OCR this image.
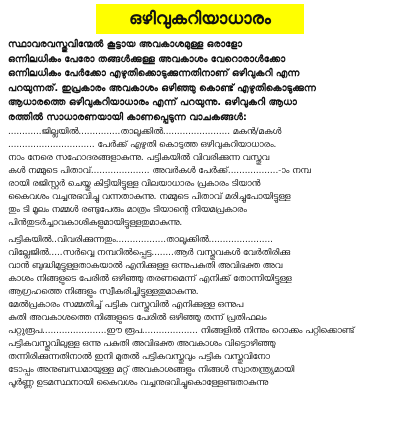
ഒഴിവുകറിയാധാരം
സ്ഥാവരവസ്തുവിന്മേൽ കൂട്ടായ അവകാശമുള്ള ഒരാളോ
ഒന്നിലധികം പേരോ തങ്ങൾക്കുള്ള അവകാശം വേറൊരാൾക്കോ
ഒന്നിലധികം പേർക്കോ എഴുതിക്കൊടുക്കുന്നതിനാണ് ഒഴിവുകറി എന്ന
പറയുന്നത്. ഇപ്രകാരം അവകാശം ഒഴിഞ്ഞു കൊണ്ട് എഴുതികൊടുക്കുന്ന
ആധാരത്തെ ഒഴിവുകറിയാധാരം എന്ന് പറയുന്നു. ഒഴിവുകറി ആധാ
രത്തിൽ സാധാരണയായി കാണപ്പെടുന്ന വാചകങ്ങൾ:
............ജില്ലയിൽ...............താലൂക്കിൽ........................ മകൻ/മകൾ
............................... പേർക്ക് എഴുതി കൊടുത്ത ഒഴിവുകറിയാധാരം.
നാം നേരെ സഹോദരങ്ങളാകുന്നു. പട്ടികയിൽ വിവരിക്കുന്ന വസ്തുവ
കൾ നമ്മുടെ പിതാവ്..................... അവർകൾ പേർക്ക്..................-ാം നമ്പ
രായി രജിസ്റ്റർ ചെയ്തു കിട്ടിയിട്ടുള്ള വിലയാധാരം പ്രകാരം ടിയാൻ
കൈവശം വച്ചനുഭവിച്ചു വന്നതാകുന്നു. നമ്മുടെ പിതാവ് മരിച്ചുപോയിട്ടുള്ള
തും ടി മൂലം നമ്മൾ രണ്ടുപേരും മാത്രം ടിയാന്റെ നിയമപ്രകാരം
പിൻതുടർച്ചാവകാശികളുമായിട്ടുള്ളതുമാകുന്നു.
പട്ടികയിൽ..വിവരിക്കുന്നതും..................താലൂക്കിൽ.......................
വില്ലേജിൽ.....സർവ്വെ നമ്പറിൽപ്പെട്ട........ആർ വസ്തുവകൾ വേർതിരിക്കു
വാൻ ബുദ്ധിമുട്ടുള്ളതാകയാൽ എനിക്കുള്ള ഒന്നുപകുതി അവിഭക്ത അവ
കാശം നിങ്ങളുടെ പേരിൽ ഒഴിഞ്ഞു തരണമെന്ന് എനിക്ക് തോന്നിയിട്ടുള്ള
ആഗ്രഹത്തെ നിങ്ങളും സ്വീകരിച്ചിട്ടുള്ളതുമാകുന്നു.
മേൽപ്രകാരം സമ്മതിച്ച് പട്ടിക വസ്തുവിൽ എനിക്കുള്ള ഒന്നുപ
കുതി അവകാശത്തെ നിങ്ങളുടെ പേരിൽ ഒഴിഞ്ഞു തന്ന് പ്രതിഫലം
പറ്റുരൂപ.......................ഈ രൂപ.................... നിങ്ങളിൽ നിന്നും റൊക്കം പറ്റിക്കൊണ്ട്
പട്ടികവസ്തുവിലുള്ള ഒന്നു പകുതി അവിഭക്ത അവകാശം വിട്ടൊഴിഞ്ഞു
തന്നിരിക്കുന്നതിനാൽ ഇനി മുതൽ പട്ടികവസ്തുവും പട്ടിക വസ്തുവിനോ
ടോപ്പം അനുബന്ധമായുള്ള മറ്റ് അവകാശങ്ങളും നിങ്ങൾ സ്വാതന്ത്ര്യമായി
പൂർണ്ണ ഉടമസ്ഥനായി കൈവശം വച്ചനുഭവിച്ചുകൊള്ളേണ്ടതാകുന്നു
